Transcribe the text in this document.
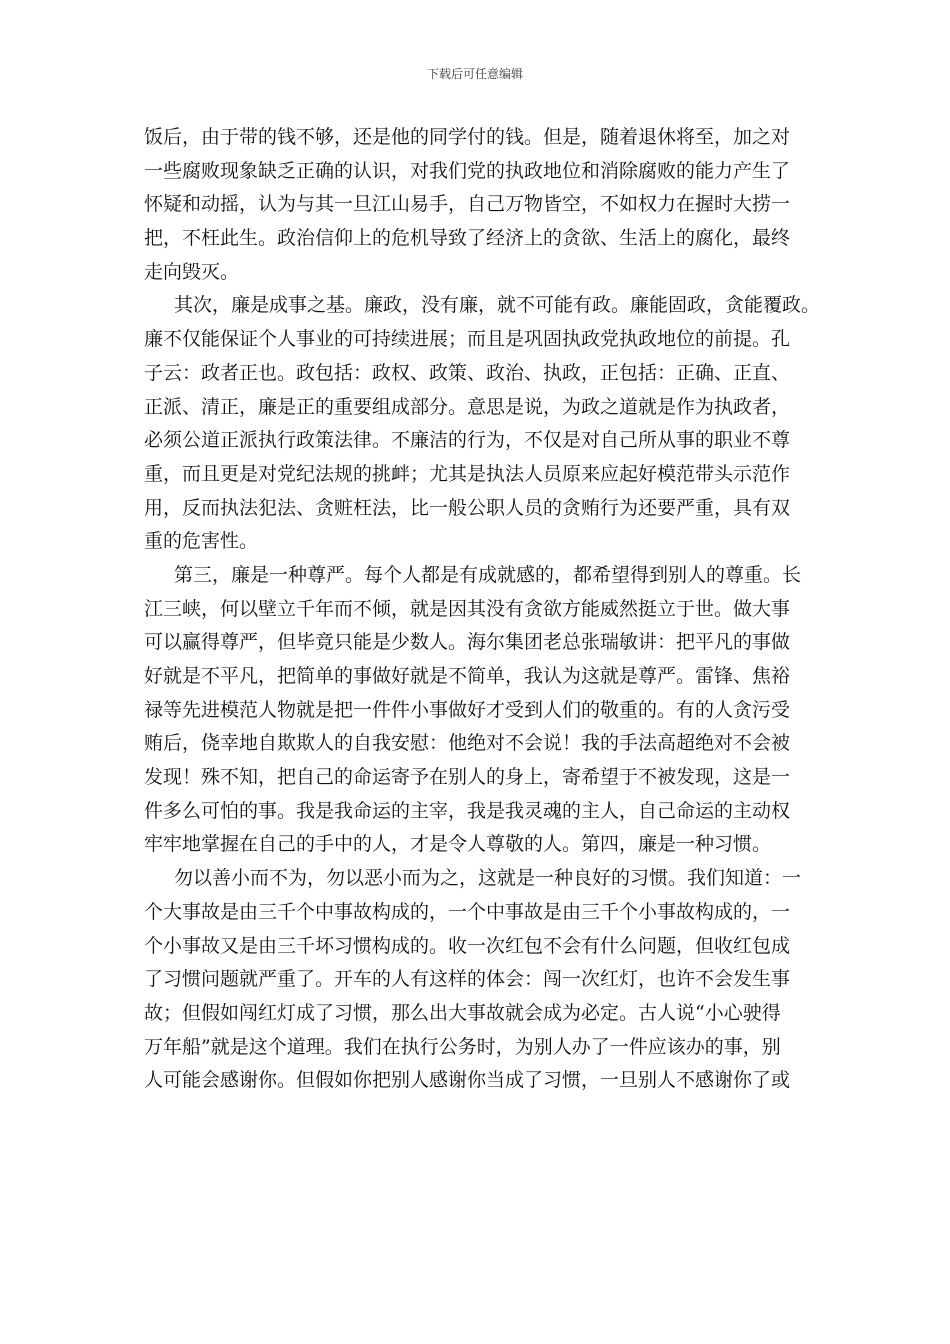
下载后可任意编辑
饭后，由于带的钱不够，还是他的同学付的钱。但是，随着退休将至，加之对
一些腐败现象缺乏正确的认识，对我们党的执政地位和消除腐败的能力产生了
怀疑和动摇，认为与其一旦江山易手，自己万物皆空，不如权力在握时大捞一
把，不枉此生。政治信仰上的危机导致了经济上的贪欲、生活上的腐化，最终
走向毁灭。
其次，廉是成事之基。廉政，没有廉，就不可能有政。廉能固政，贪能覆政。
廉不仅能保证个人事业的可持续进展；而且是巩固执政党执政地位的前提。孔
子云：政者正也。政包括：政权、政策、政治、执政，正包括：正确、正直、
正派、清正，廉是正的重要组成部分。意思是说，为政之道就是作为执政者，
必须公道正派执行政策法律。不廉洁的行为，不仅是对自己所从事的职业不尊
重，而且更是对党纪法规的挑衅；尤其是执法人员原来应起好模范带头示范作
用，反而执法犯法、贪赃枉法，比一般公职人员的贪贿行为还要严重，具有双
重的危害性。
第三，廉是一种尊严。每个人都是有成就感的，都希望得到别人的尊重。长
江三峡，何以壁立千年而不倾，就是因其没有贪欲方能威然挺立于世。做大事
可以赢得尊严，但毕竟只能是少数人。海尔集团老总张瑞敏讲：把平凡的事做
好就是不平凡，把简单的事做好就是不简单，我认为这就是尊严。雷锋、焦裕
禄等先进模范人物就是把一件件小事做好才受到人们的敬重的。有的人贪污受
贿后，侥幸地自欺欺人的自我安慰：他绝对不会说！我的手法高超绝对不会被
发现！殊不知，把自己的命运寄予在别人的身上，寄希望于不被发现，这是一
件多么可怕的事。我是我命运的主宰，我是我灵魂的主人，自己命运的主动权
牢牢地掌握在自己的手中的人，才是令人尊敬的人。第四，廉是一种习惯。
勿以善小而不为，勿以恶小而为之，这就是一种良好的习惯。我们知道：一
个大事故是由三千个中事故构成的，一个中事故是由三千个小事故构成的，一
个小事故又是由三千坏习惯构成的。收一次红包不会有什么问题，但收红包成
了习惯问题就严重了。开车的人有这样的体会：闯一次红灯，也许不会发生事
故；但假如闯红灯成了习惯，那么出大事故就会成为必定。古人说“小心驶得
万年船”就是这个道理。我们在执行公务时，为别人办了一件应该办的事，别
人可能会感谢你。但假如你把别人感谢你当成了习惯，一旦别人不感谢你了或
